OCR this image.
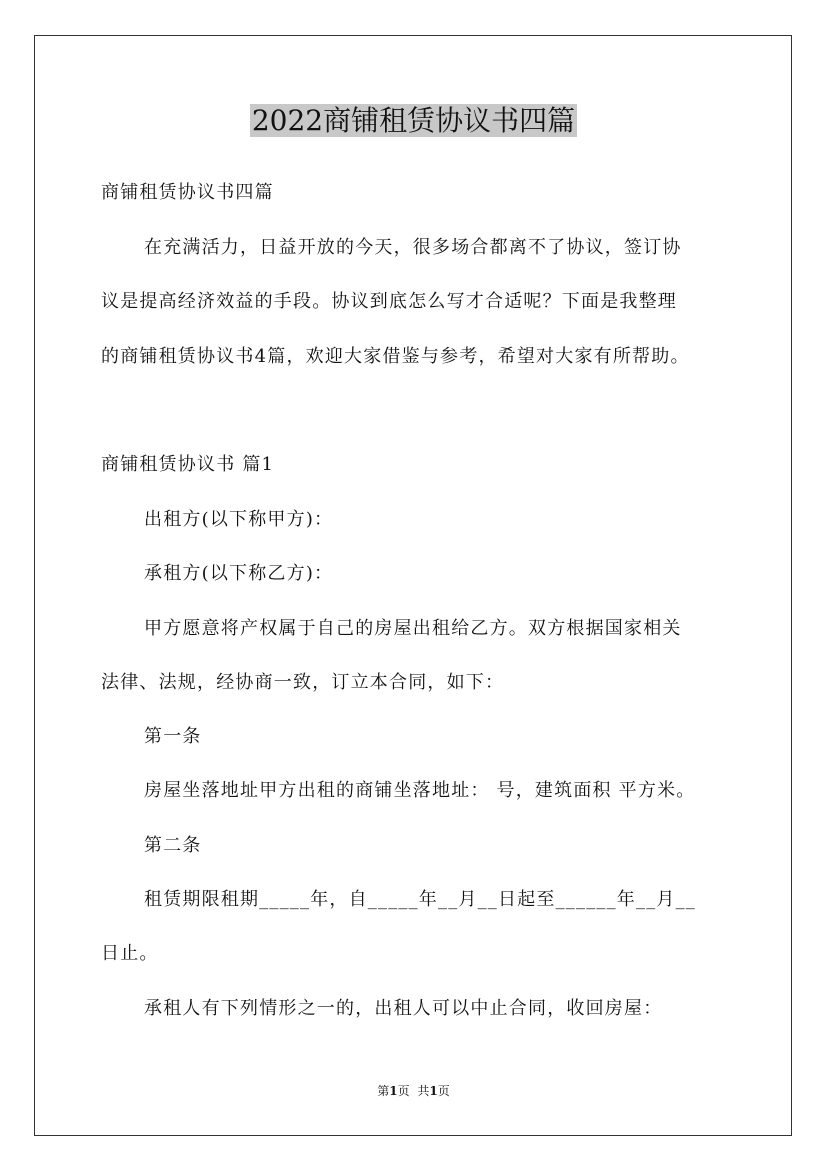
2022商铺租赁协议书四篇
商铺租赁协议书四篇
在充满活力，日益开放的今天，很多场合都离不了协议，签订协
议是提高经济效益的手段。协议到底怎么写才合适呢？下面是我整理
的商铺租赁协议书4篇，欢迎大家借鉴与参考，希望对大家有所帮助。
商铺租赁协议书 篇1
出租方(以下称甲方)：
承租方(以下称乙方)：
甲方愿意将产权属于自己的房屋出租给乙方。双方根据国家相关
法律、法规，经协商一致，订立本合同，如下：
第一条
房屋坐落地址甲方出租的商铺坐落地址： 号，建筑面积 平方米。
第二条
租赁期限租期_____年，自_____年__月__日起至______年__月__
日止。
承租人有下列情形之一的，出租人可以中止合同，收回房屋：
第1页 共1页
